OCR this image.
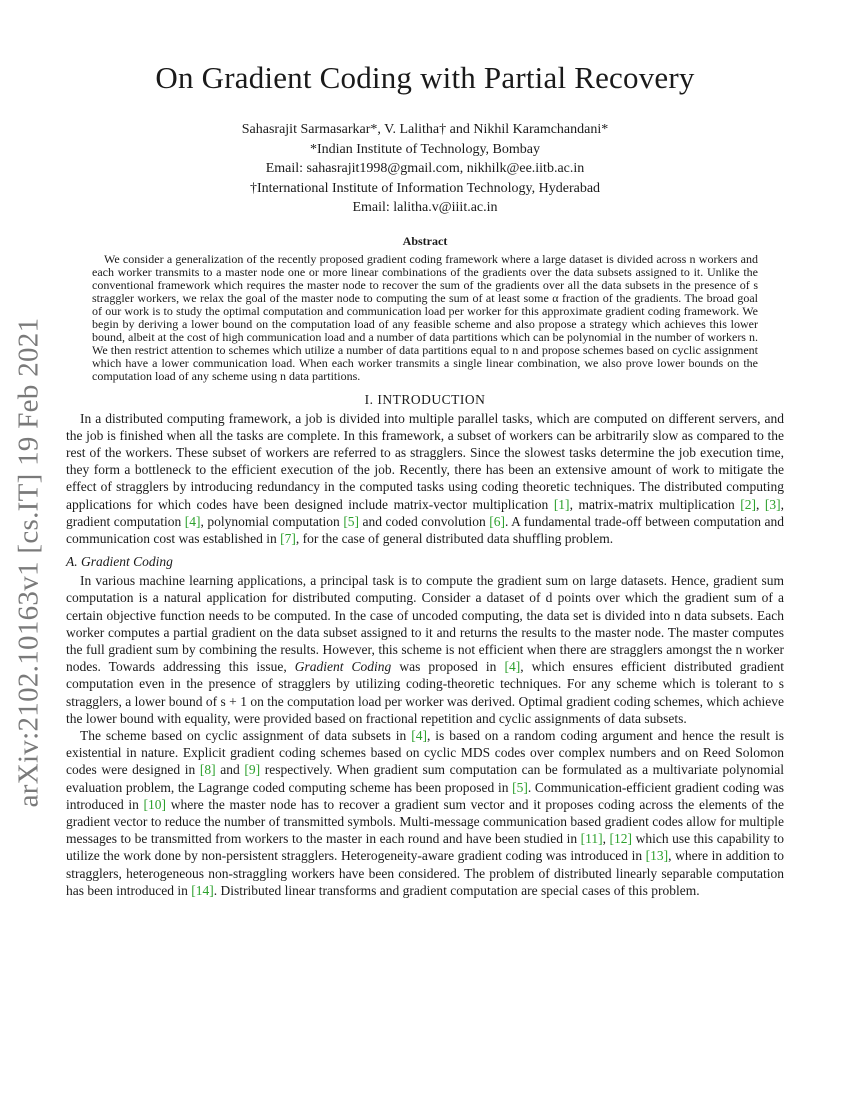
arXiv:2102.10163v1 [cs.IT] 19 Feb 2021
On Gradient Coding with Partial Recovery
Sahasrajit Sarmasarkar*, V. Lalitha† and Nikhil Karamchandani*
*Indian Institute of Technology, Bombay
Email: sahasrajit1998@gmail.com, nikhilk@ee.iitb.ac.in
†International Institute of Information Technology, Hyderabad
Email: lalitha.v@iiit.ac.in
Abstract

We consider a generalization of the recently proposed gradient coding framework where a large dataset is divided across n workers and each worker transmits to a master node one or more linear combinations of the gradients over the data subsets assigned to it. Unlike the conventional framework which requires the master node to recover the sum of the gradients over all the data subsets in the presence of s straggler workers, we relax the goal of the master node to computing the sum of at least some α fraction of the gradients. The broad goal of our work is to study the optimal computation and communication load per worker for this approximate gradient coding framework. We begin by deriving a lower bound on the computation load of any feasible scheme and also propose a strategy which achieves this lower bound, albeit at the cost of high communication load and a number of data partitions which can be polynomial in the number of workers n. We then restrict attention to schemes which utilize a number of data partitions equal to n and propose schemes based on cyclic assignment which have a lower communication load. When each worker transmits a single linear combination, we also prove lower bounds on the computation load of any scheme using n data partitions.

I. INTRODUCTION

In a distributed computing framework, a job is divided into multiple parallel tasks, which are computed on different servers, and the job is finished when all the tasks are complete. In this framework, a subset of workers can be arbitrarily slow as compared to the rest of the workers. These subset of workers are referred to as stragglers. Since the slowest tasks determine the job execution time, they form a bottleneck to the efficient execution of the job. Recently, there has been an extensive amount of work to mitigate the effect of stragglers by introducing redundancy in the computed tasks using coding theoretic techniques. The distributed computing applications for which codes have been designed include matrix-vector multiplication [1], matrix-matrix multiplication [2], [3], gradient computation [4], polynomial computation [5] and coded convolution [6]. A fundamental trade-off between computation and communication cost was established in [7], for the case of general distributed data shuffling problem.

A. Gradient Coding

In various machine learning applications, a principal task is to compute the gradient sum on large datasets. Hence, gradient sum computation is a natural application for distributed computing. Consider a dataset of d points over which the gradient sum of a certain objective function needs to be computed. In the case of uncoded computing, the data set is divided into n data subsets. Each worker computes a partial gradient on the data subset assigned to it and returns the results to the master node. The master computes the full gradient sum by combining the results. However, this scheme is not efficient when there are stragglers amongst the n worker nodes. Towards addressing this issue, Gradient Coding was proposed in [4], which ensures efficient distributed gradient computation even in the presence of stragglers by utilizing coding-theoretic techniques. For any scheme which is tolerant to s stragglers, a lower bound of s + 1 on the computation load per worker was derived. Optimal gradient coding schemes, which achieve the lower bound with equality, were provided based on fractional repetition and cyclic assignments of data subsets.

The scheme based on cyclic assignment of data subsets in [4], is based on a random coding argument and hence the result is existential in nature. Explicit gradient coding schemes based on cyclic MDS codes over complex numbers and on Reed Solomon codes were designed in [8] and [9] respectively. When gradient sum computation can be formulated as a multivariate polynomial evaluation problem, the Lagrange coded computing scheme has been proposed in [5]. Communication-efficient gradient coding was introduced in [10] where the master node has to recover a gradient sum vector and it proposes coding across the elements of the gradient vector to reduce the number of transmitted symbols. Multi-message communication based gradient codes allow for multiple messages to be transmitted from workers to the master in each round and have been studied in [11], [12] which use this capability to utilize the work done by non-persistent stragglers. Heterogeneity-aware gradient coding was introduced in [13], where in addition to stragglers, heterogeneous non-straggling workers have been considered. The problem of distributed linearly separable computation has been introduced in [14]. Distributed linear transforms and gradient computation are special cases of this problem.
